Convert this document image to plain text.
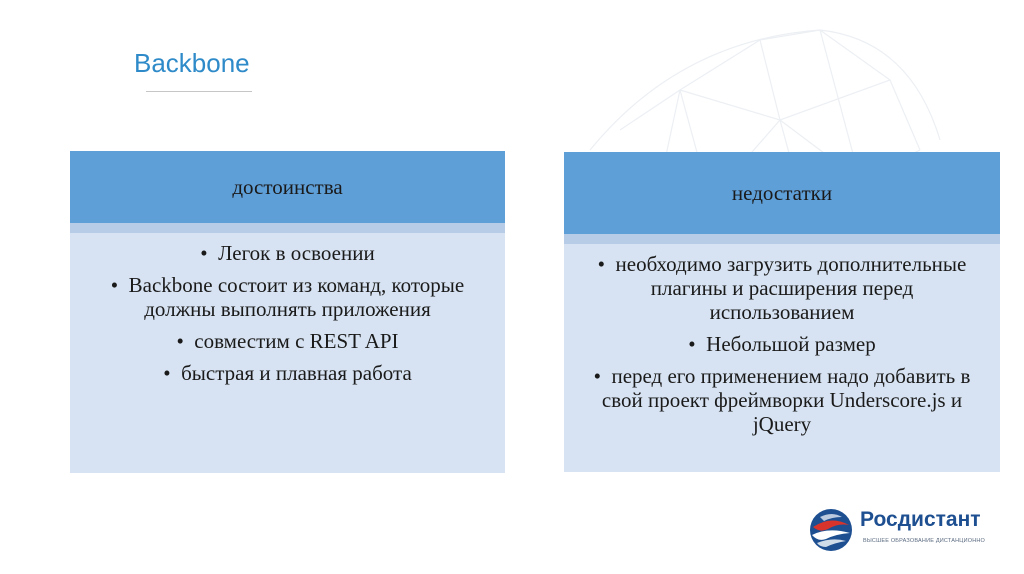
Backbone
достоинства
•  Легок в освоении
•  Backbone состоит из команд, которые должны выполнять приложения
•  совместим с REST API
•  быстрая и плавная работа
недостатки
•  необходимо загрузить дополнительные плагины и расширения перед использованием
•  Небольшой размер
•  перед его применением надо добавить в свой проект фреймворки Underscore.js и jQuery
Росдистант
ВЫСШЕЕ ОБРАЗОВАНИЕ ДИСТАНЦИОННО
